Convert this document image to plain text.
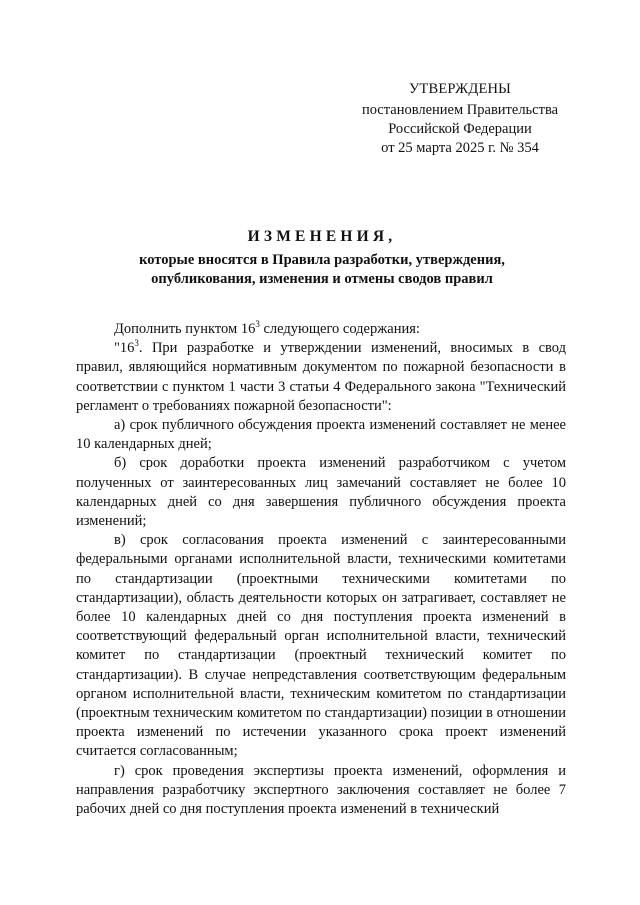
УТВЕРЖДЕНЫ
постановлением Правительства
Российской Федерации
от 25 марта 2025 г. № 354
ИЗМЕНЕНИЯ,
которые вносятся в Правила разработки, утверждения,
опубликования, изменения и отмены сводов правил

Дополнить пунктом $16^3$ следующего содержания:

"$16^3$. При разработке и утверждении изменений, вносимых в свод правил, являющийся нормативным документом по пожарной безопасности в соответствии с пунктом 1 части 3 статьи 4 Федерального закона "Технический регламент о требованиях пожарной безопасности":

а) срок публичного обсуждения проекта изменений составляет не менее 10 календарных дней;

б) срок доработки проекта изменений разработчиком с учетом полученных от заинтересованных лиц замечаний составляет не более 10 календарных дней со дня завершения публичного обсуждения проекта изменений;

в) срок согласования проекта изменений с заинтересованными федеральными органами исполнительной власти, техническими комитетами по стандартизации (проектными техническими комитетами по стандартизации), область деятельности которых он затрагивает, составляет не более 10 календарных дней со дня поступления проекта изменений в соответствующий федеральный орган исполнительной власти, технический комитет по стандартизации (проектный технический комитет по стандартизации). В случае непредставления соответствующим федеральным органом исполнительной власти, техническим комитетом по стандартизации (проектным техническим комитетом по стандартизации) позиции в отношении проекта изменений по истечении указанного срока проект изменений считается согласованным;

г) срок проведения экспертизы проекта изменений, оформления и направления разработчику экспертного заключения составляет не более 7 рабочих дней со дня поступления проекта изменений в технический
